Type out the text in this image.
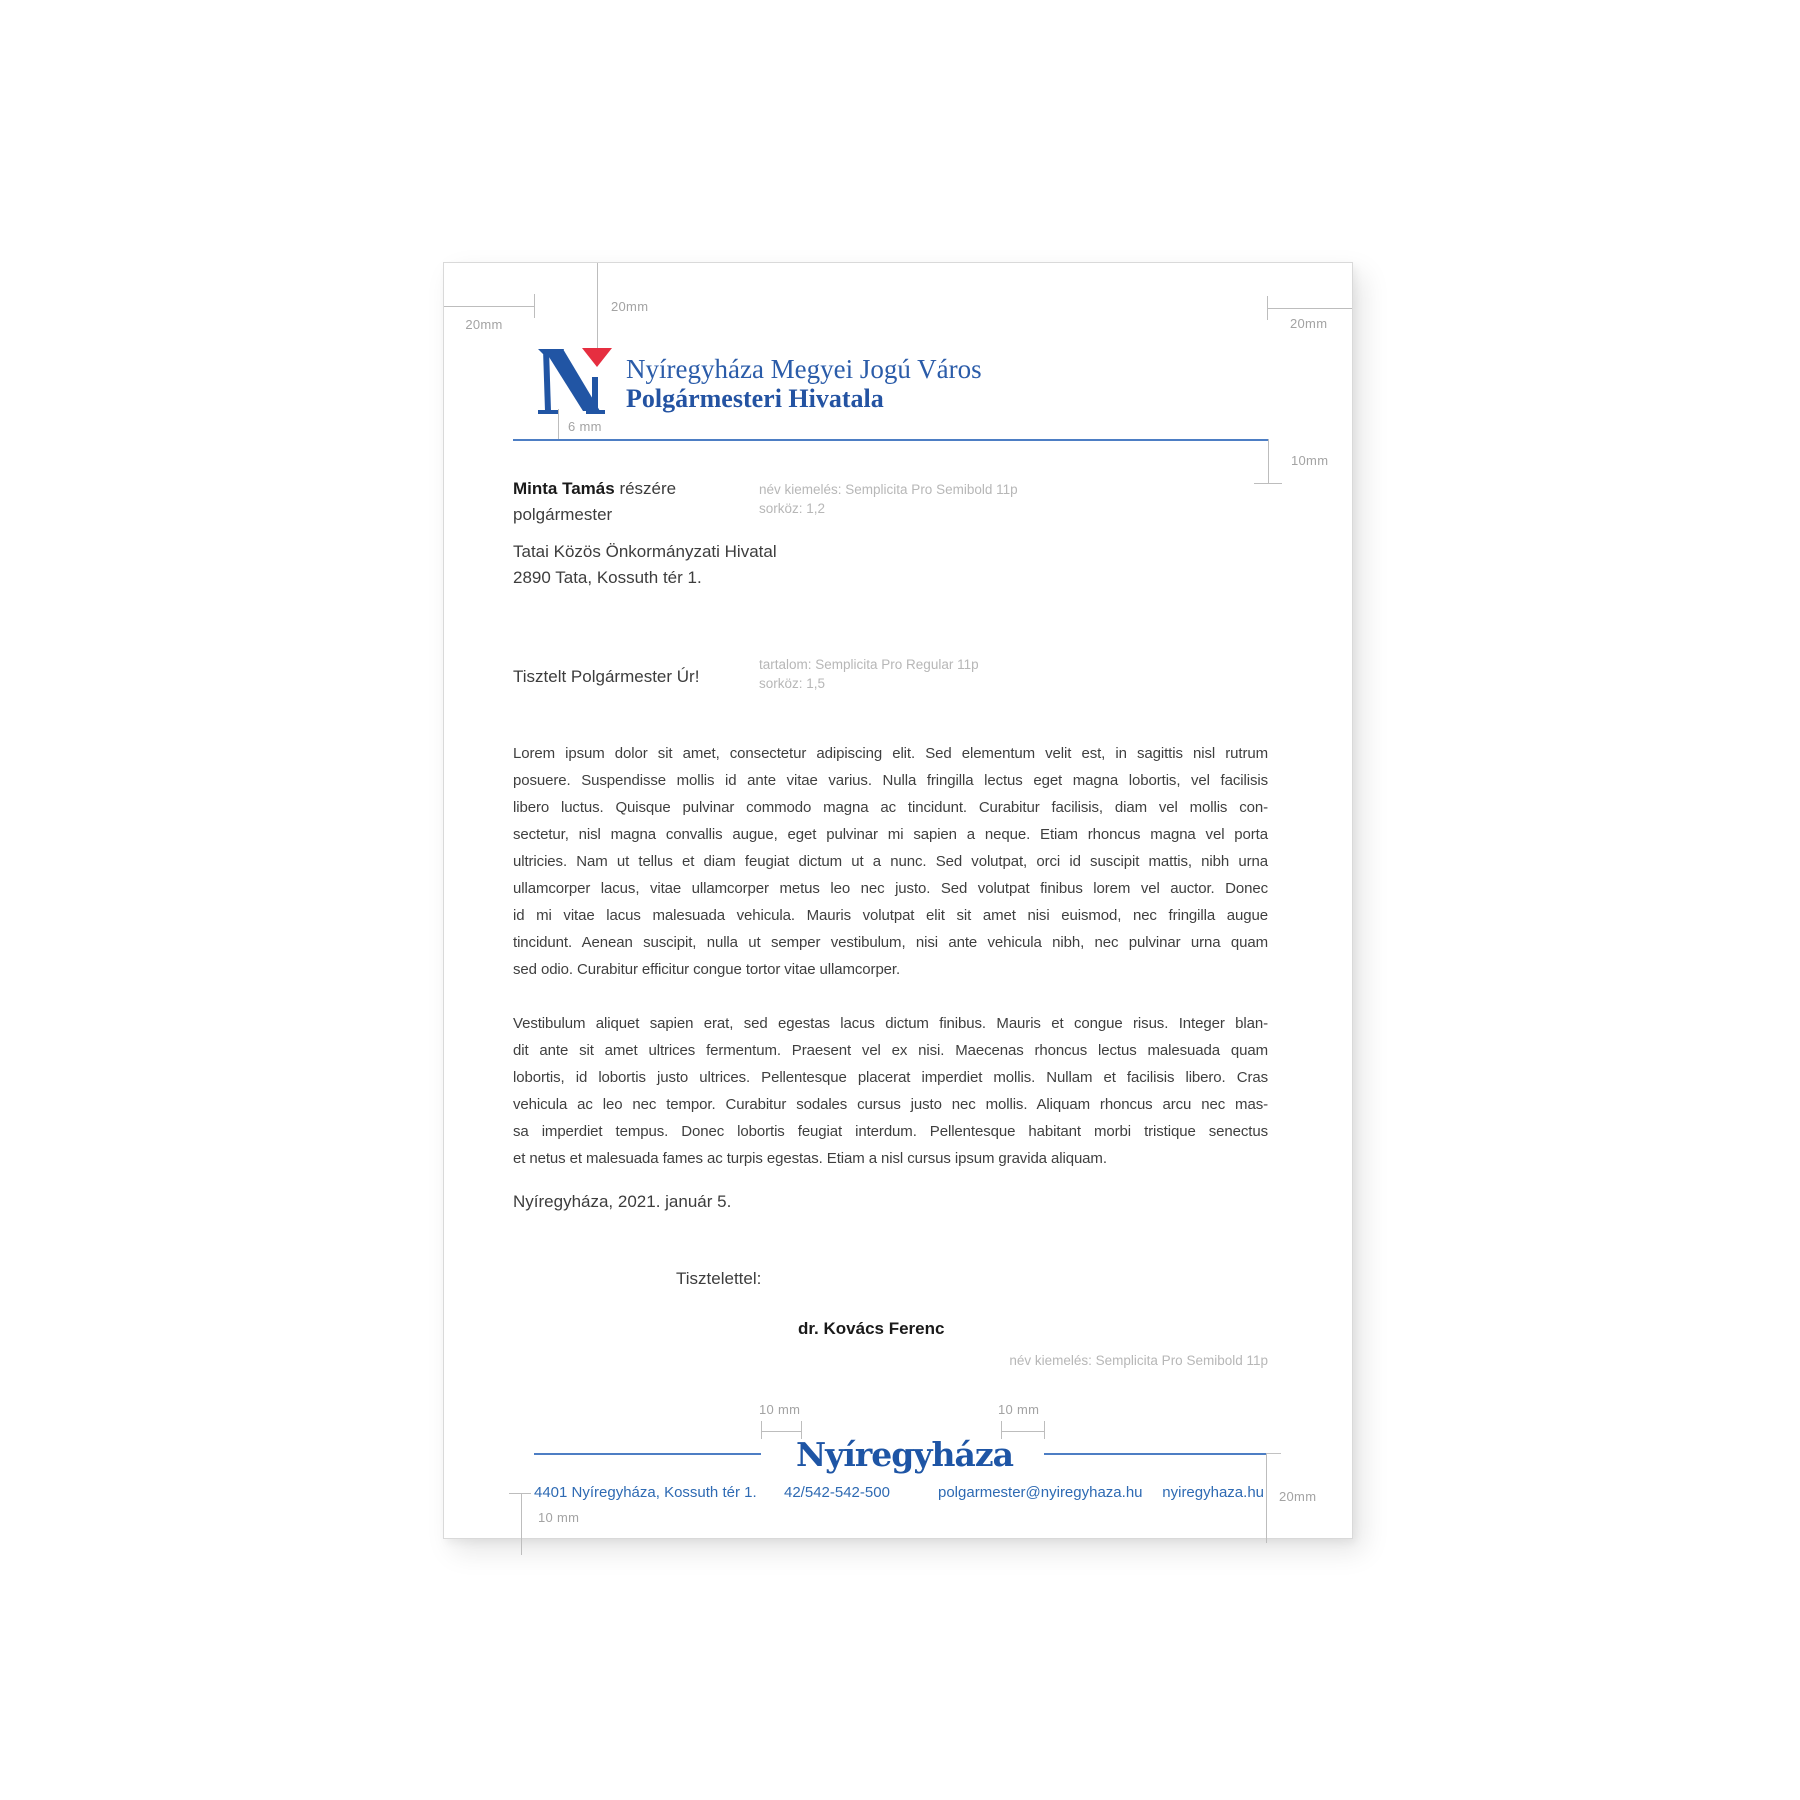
20mm
20mm
20mm
Nyíregyháza Megyei Jogú Város
Polgármesteri Hivatala
6 mm
10mm
Minta Tamás részére
polgármester
Tatai Közös Önkormányzati Hivatal
2890 Tata, Kossuth tér 1.
név kiemelés: Semplicita Pro Semibold 11p
sorköz: 1,2
Tisztelt Polgármester Úr!
tartalom: Semplicita Pro Regular 11p
sorköz: 1,5
Lorem ipsum dolor sit amet, consectetur adipiscing elit. Sed elementum velit est, in sagittis nisl rutrum
posuere. Suspendisse mollis id ante vitae varius. Nulla fringilla lectus eget magna lobortis, vel facilisis
libero luctus. Quisque pulvinar commodo magna ac tincidunt. Curabitur facilisis, diam vel mollis con-
sectetur, nisl magna convallis augue, eget pulvinar mi sapien a neque. Etiam rhoncus magna vel porta
ultricies. Nam ut tellus et diam feugiat dictum ut a nunc. Sed volutpat, orci id suscipit mattis, nibh urna
ullamcorper lacus, vitae ullamcorper metus leo nec justo. Sed volutpat finibus lorem vel auctor. Donec
id mi vitae lacus malesuada vehicula. Mauris volutpat elit sit amet nisi euismod, nec fringilla augue
tincidunt. Aenean suscipit, nulla ut semper vestibulum, nisi ante vehicula nibh, nec pulvinar urna quam
sed odio. Curabitur efficitur congue tortor vitae ullamcorper.
Vestibulum aliquet sapien erat, sed egestas lacus dictum finibus. Mauris et congue risus. Integer blan-
dit ante sit amet ultrices fermentum. Praesent vel ex nisi. Maecenas rhoncus lectus malesuada quam
lobortis, id lobortis justo ultrices. Pellentesque placerat imperdiet mollis. Nullam et facilisis libero. Cras
vehicula ac leo nec tempor. Curabitur sodales cursus justo nec mollis. Aliquam rhoncus arcu nec mas-
sa imperdiet tempus. Donec lobortis feugiat interdum. Pellentesque habitant morbi tristique senectus
et netus et malesuada fames ac turpis egestas. Etiam a nisl cursus ipsum gravida aliquam.
Nyíregyháza, 2021. január 5.
Tisztelettel:
dr. Kovács Ferenc
név kiemelés: Semplicita Pro Semibold 11p
10 mm	10 mm
Nyíregyháza
4401 Nyíregyháza, Kossuth tér 1. 42/542-542-500	polgarmester@nyiregyhaza.hu	nyiregyhaza.hu
10 mm
20mm
